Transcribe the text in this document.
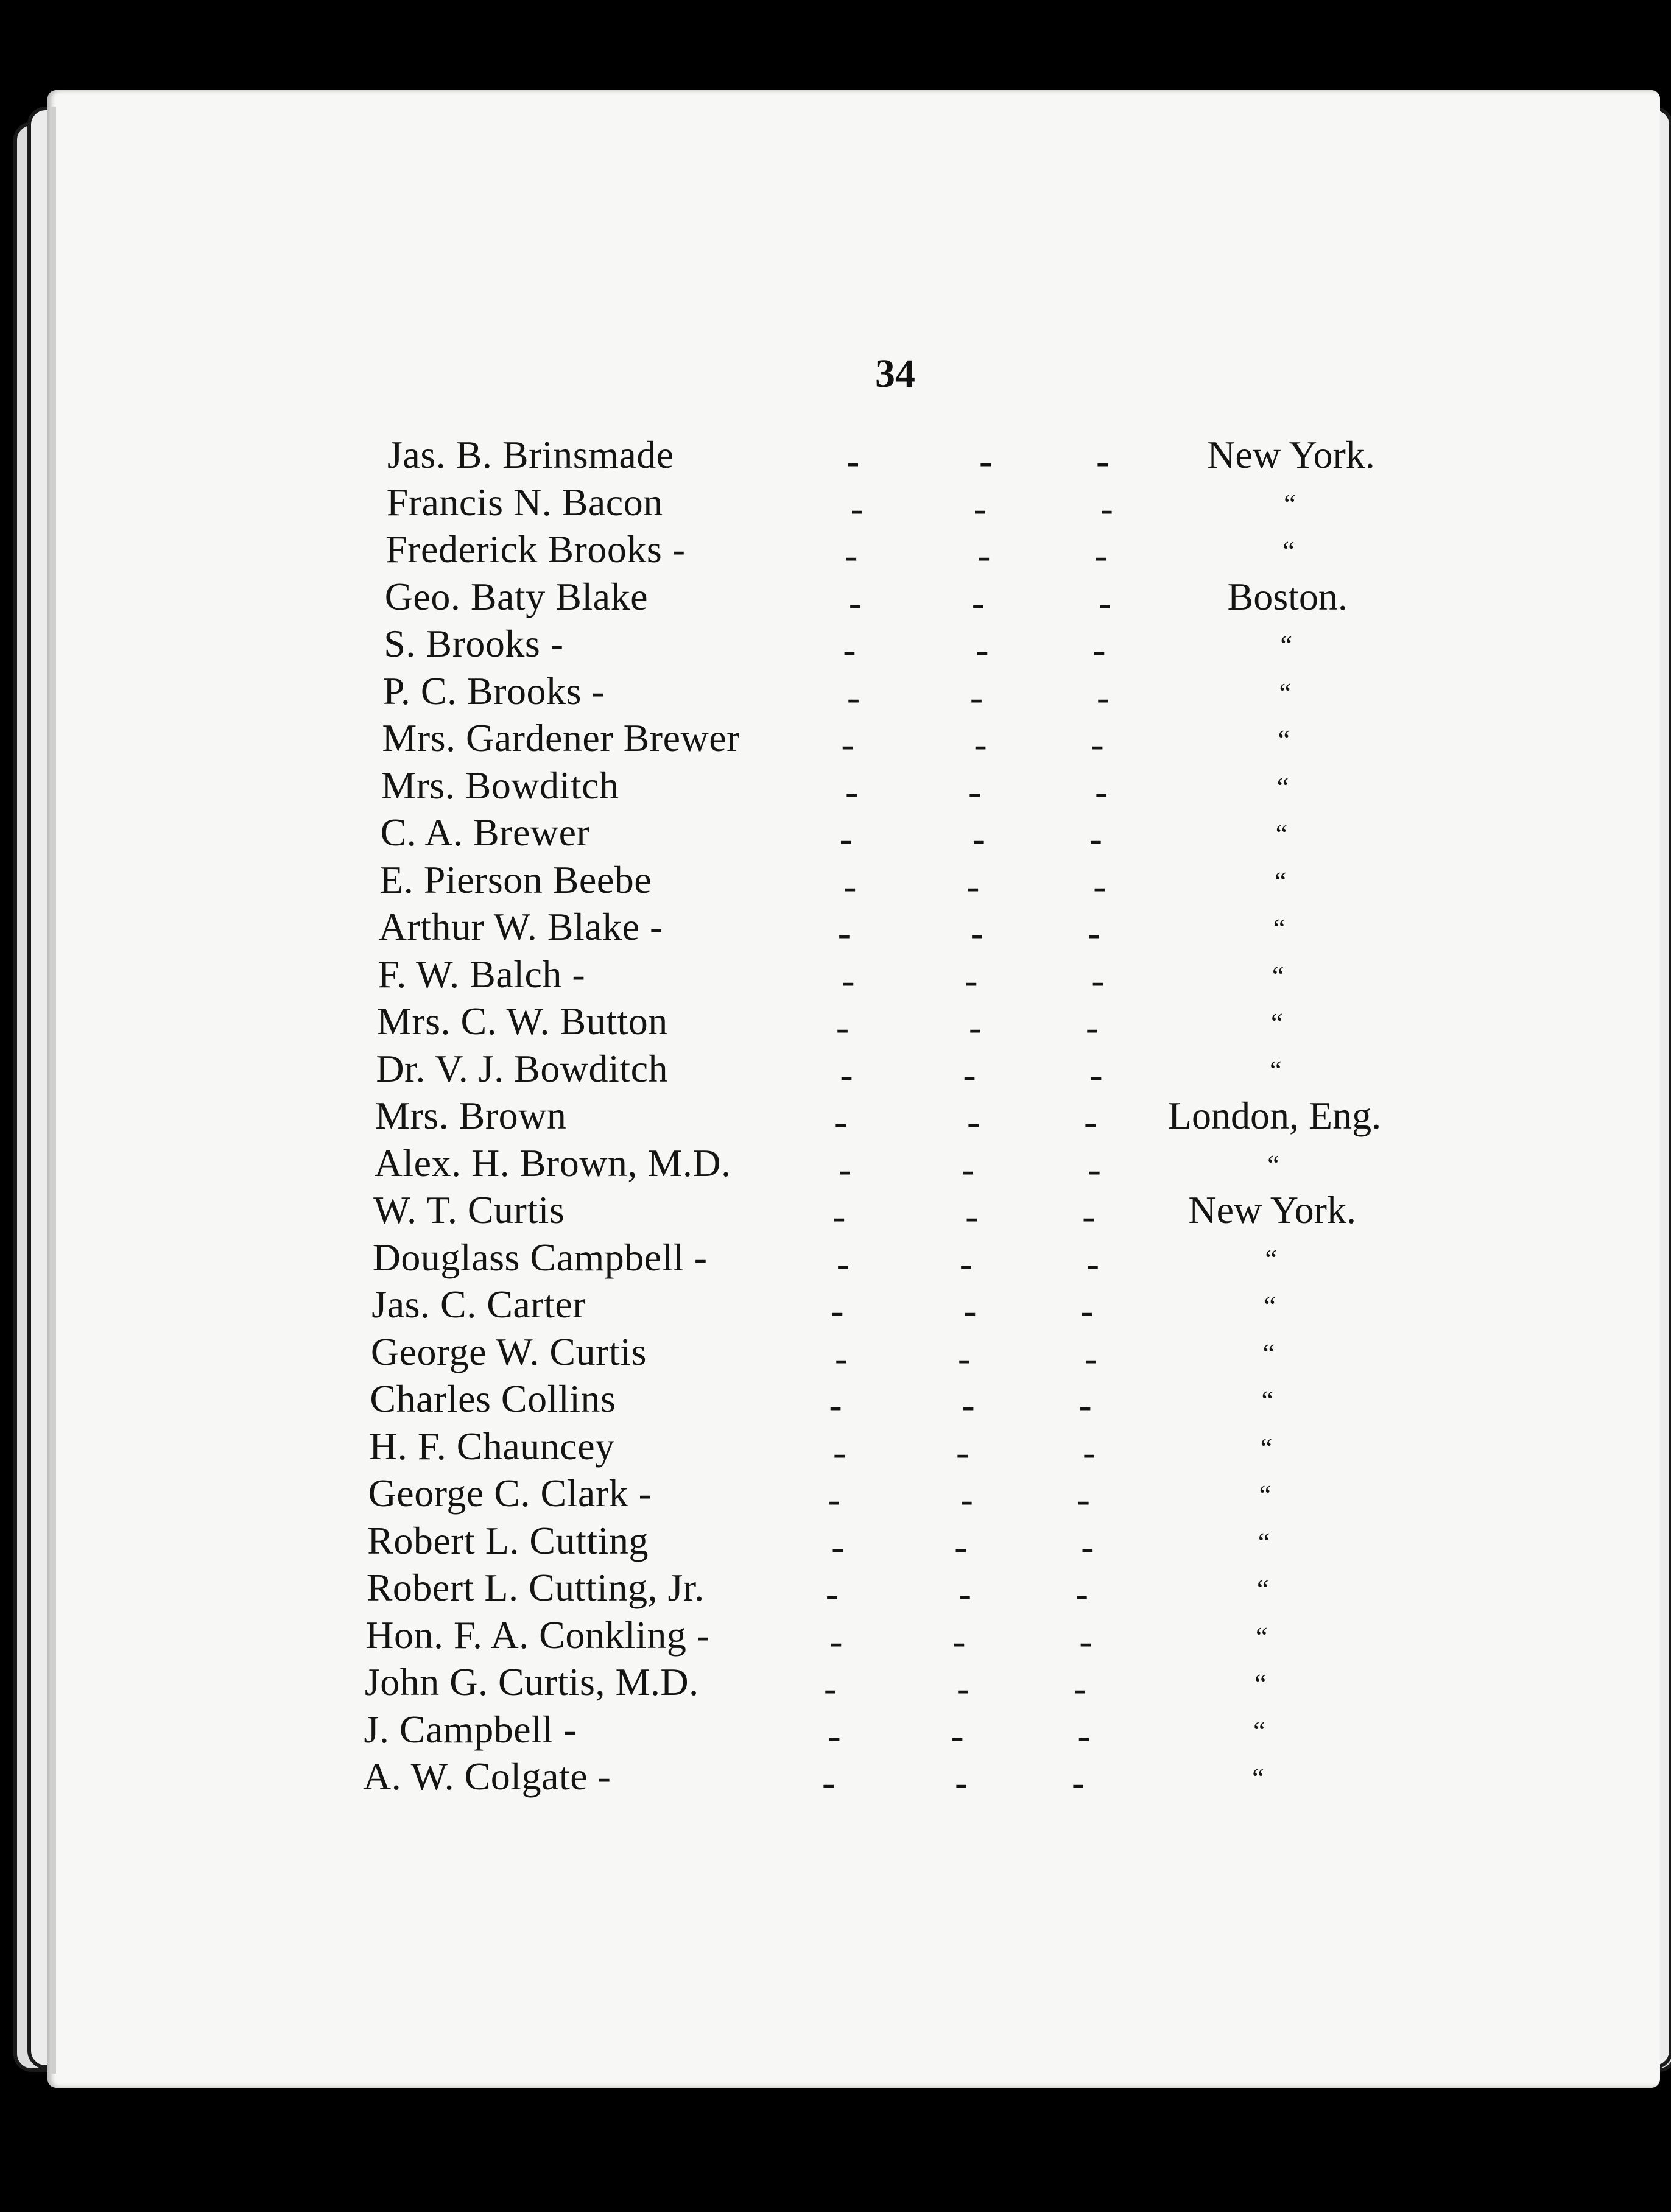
34
Jas. B. Brinsmade	-	-	-	New York.
Francis N. Bacon	-	-	-	“
Frederick Brooks -	-	-	-	“
Geo. Baty Blake	-	-	-	Boston.
S. Brooks -	-	-	-	“
P. C. Brooks -	-	-	-	“
Mrs. Gardener Brewer	-	-	-	“
Mrs. Bowditch	-	-	-	“
C. A. Brewer	-	-	-	“
E. Pierson Beebe	-	-	-	“
Arthur W. Blake -	-	-	-	“
F. W. Balch -	-	-	-	“
Mrs. C. W. Button	-	-	-	“
Dr. V. J. Bowditch	-	-	-	“
Mrs. Brown	-	-	-	London, Eng.
Alex. H. Brown, M.D.	-	-	-	“
W. T. Curtis	-	-	-	New York.
Douglass Campbell -	-	-	-	“
Jas. C. Carter	-	-	-	“
George W. Curtis	-	-	-	“
Charles Collins	-	-	-	“
H. F. Chauncey	-	-	-	“
George C. Clark -	-	-	-	“
Robert L. Cutting	-	-	-	“
Robert L. Cutting, Jr.	-	-	-	“
Hon. F. A. Conkling -	-	-	-	“
John G. Curtis, M.D.	-	-	-	“
J. Campbell -	-	-	-	“
A. W. Colgate -	-	-	-	“
